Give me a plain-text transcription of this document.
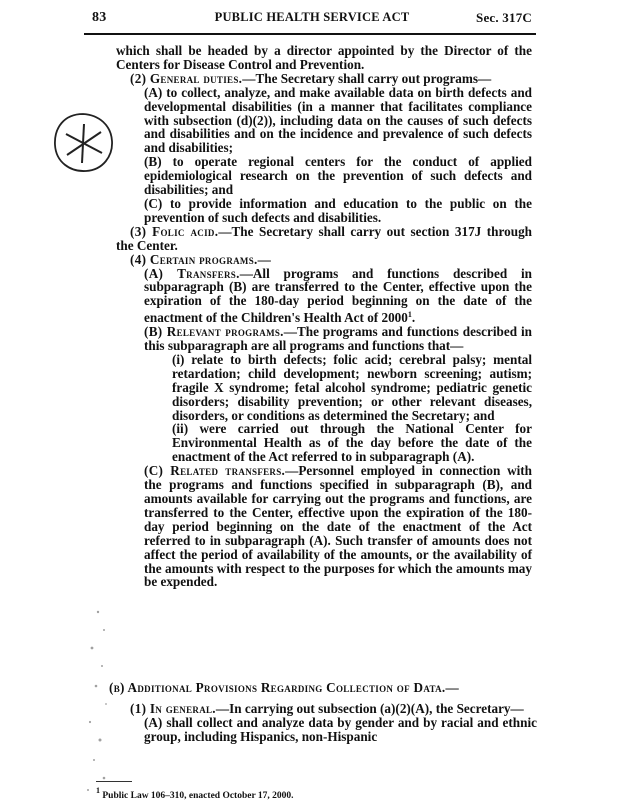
83	PUBLIC HEALTH SERVICE ACT	Sec. 317C

which shall be headed by a director appointed by the Director of the Centers for Disease Control and Prevention.

(2) General duties.—The Secretary shall carry out programs—

(A) to collect, analyze, and make available data on birth defects and developmental disabilities (in a manner that facilitates compliance with subsection (d)(2)), including data on the causes of such defects and disabilities and on the incidence and prevalence of such defects and disabilities;

(B) to operate regional centers for the conduct of applied epidemiological research on the prevention of such defects and disabilities; and

(C) to provide information and education to the public on the prevention of such defects and disabilities.

(3) Folic acid.—The Secretary shall carry out section 317J through the Center.

(4) Certain programs.—

(A) Transfers.—All programs and functions described in subparagraph (B) are transferred to the Center, effective upon the expiration of the 180-day period beginning on the date of the enactment of the Children's Health Act of 2000$^1$.

(B) Relevant programs.—The programs and functions described in this subparagraph are all programs and functions that—

(i) relate to birth defects; folic acid; cerebral palsy; mental retardation; child development; newborn screening; autism; fragile X syndrome; fetal alcohol syndrome; pediatric genetic disorders; disability prevention; or other relevant diseases, disorders, or conditions as determined the Secretary; and

(ii) were carried out through the National Center for Environmental Health as of the day before the date of the enactment of the Act referred to in subparagraph (A).

(C) Related transfers.—Personnel employed in connection with the programs and functions specified in subparagraph (B), and amounts available for carrying out the programs and functions, are transferred to the Center, effective upon the expiration of the 180-day period beginning on the date of the enactment of the Act referred to in subparagraph (A). Such transfer of amounts does not affect the period of availability of the amounts, or the availability of the amounts with respect to the purposes for which the amounts may be expended.

(b) Additional Provisions Regarding Collection of Data.—
(1) In general.—In carrying out subsection (a)(2)(A), the Secretary—
(A) shall collect and analyze data by gender and by racial and ethnic group, including Hispanics, non-Hispanic
$^1$ Public Law 106–310, enacted October 17, 2000.
